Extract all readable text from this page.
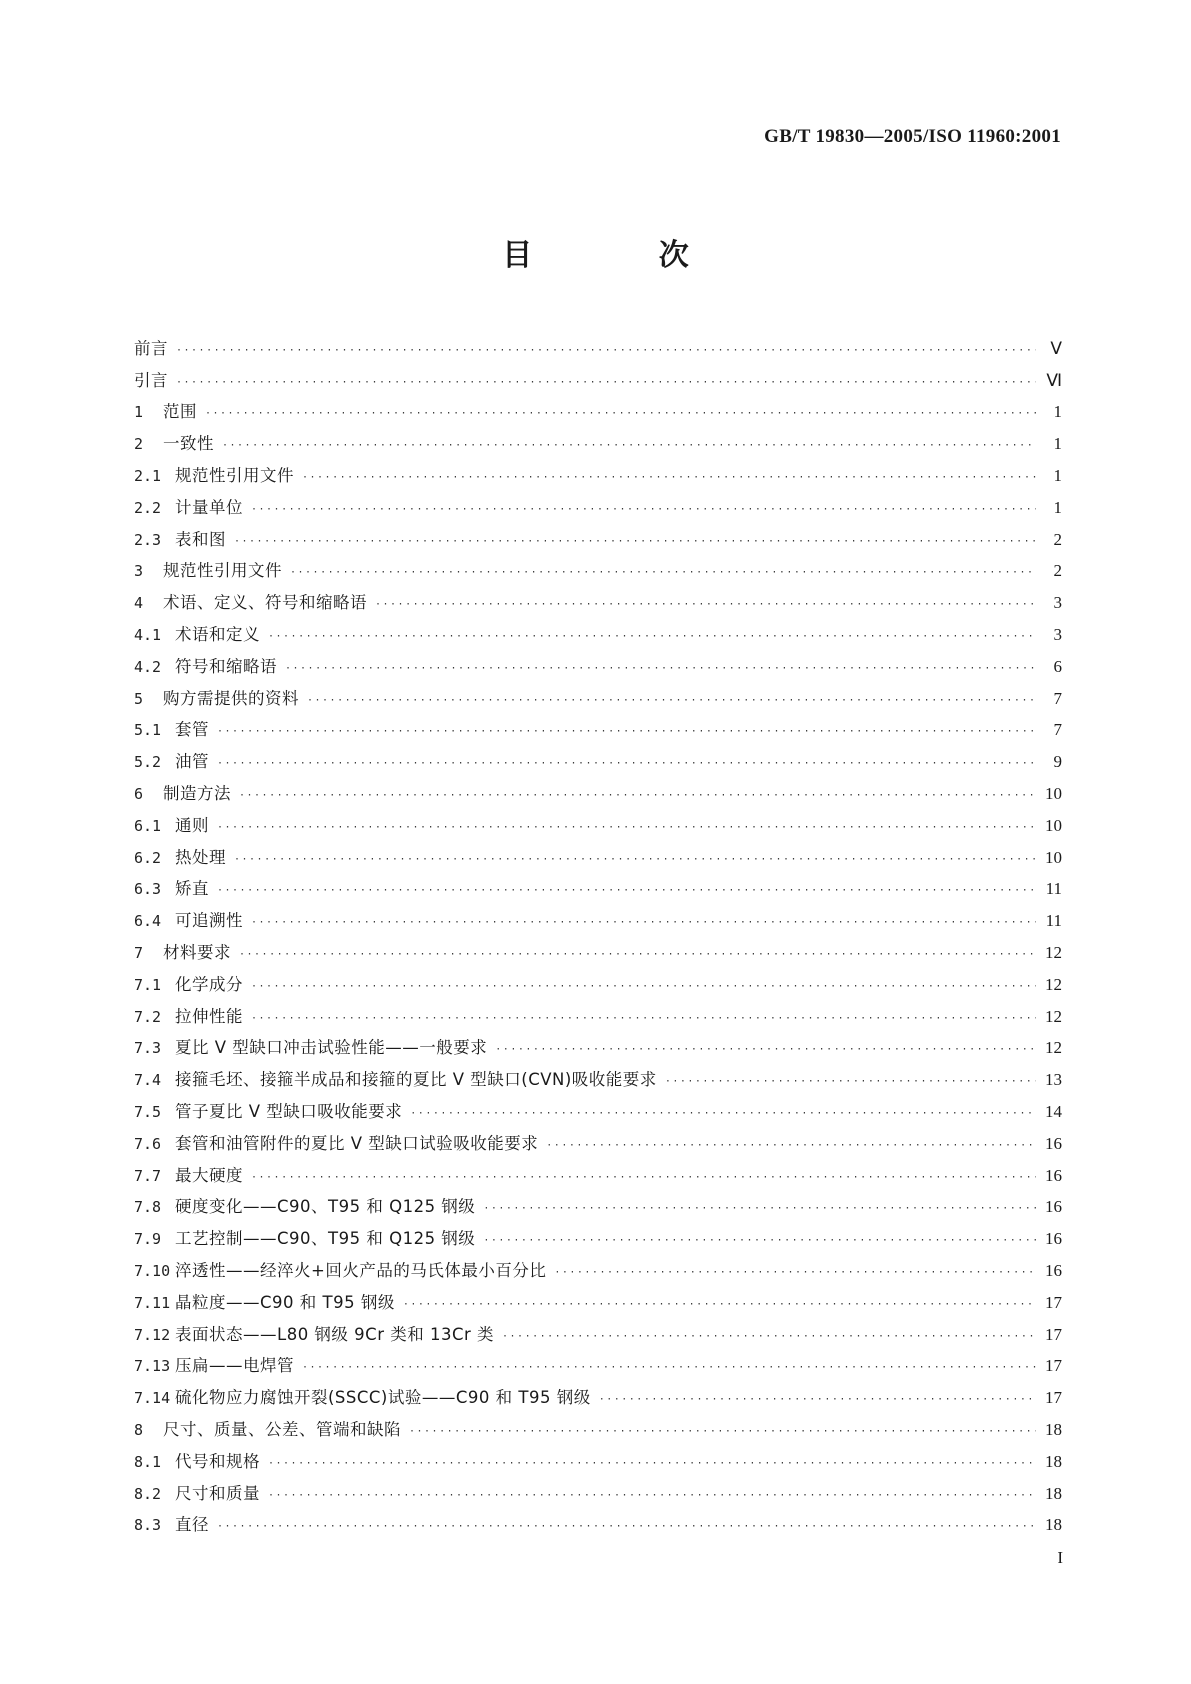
GB/T 19830—2005/ISO 11960:2001
目 次
前言 ·····	Ⅴ
引言 ·····	Ⅵ
1	范围 ·····	1
2	一致性 ·····	1
2.1 规范性引用文件 ·····	1
2.2 计量单位 ·····	1
2.3 表和图 ·····	2
3	规范性引用文件 ·····	2
4	术语、定义、符号和缩略语 ·····	3
4.1 术语和定义 ·····	3
4.2 符号和缩略语 ·····	6
5	购方需提供的资料 ·····	7
5.1 套管 ·····	7
5.2 油管 ·····	9
6	制造方法 ·····	10
6.1 通则 ·····	10
6.2 热处理 ·····	10
6.3 矫直 ·····	11
6.4 可追溯性 ·····	11
7	材料要求 ·····	12
7.1 化学成分 ·····	12
7.2 拉伸性能 ·····	12
7.3 夏比 V 型缺口冲击试验性能——一般要求 ·····	12
7.4 接箍毛坯、接箍半成品和接箍的夏比 V 型缺口(CVN)吸收能要求 ·····	13
7.5 管子夏比 V 型缺口吸收能要求 ·····	14
7.6 套管和油管附件的夏比 V 型缺口试验吸收能要求 ·····	16
7.7 最大硬度 ·····	16
7.8 硬度变化——C90、T95 和 Q125 钢级 ·····	16
7.9 工艺控制——C90、T95 和 Q125 钢级 ·····	16
7.10 淬透性——经淬火+回火产品的马氏体最小百分比 ·····	16
7.11 晶粒度——C90 和 T95 钢级 ·····	17
7.12 表面状态——L80 钢级 9Cr 类和 13Cr 类 ·····	17
7.13 压扁——电焊管 ·····	17
7.14 硫化物应力腐蚀开裂(SSCC)试验——C90 和 T95 钢级 ·····	17
8	尺寸、质量、公差、管端和缺陷 ·····	18
8.1 代号和规格 ·····	18
8.2 尺寸和质量 ·····	18
8.3 直径 ·····	18
I
